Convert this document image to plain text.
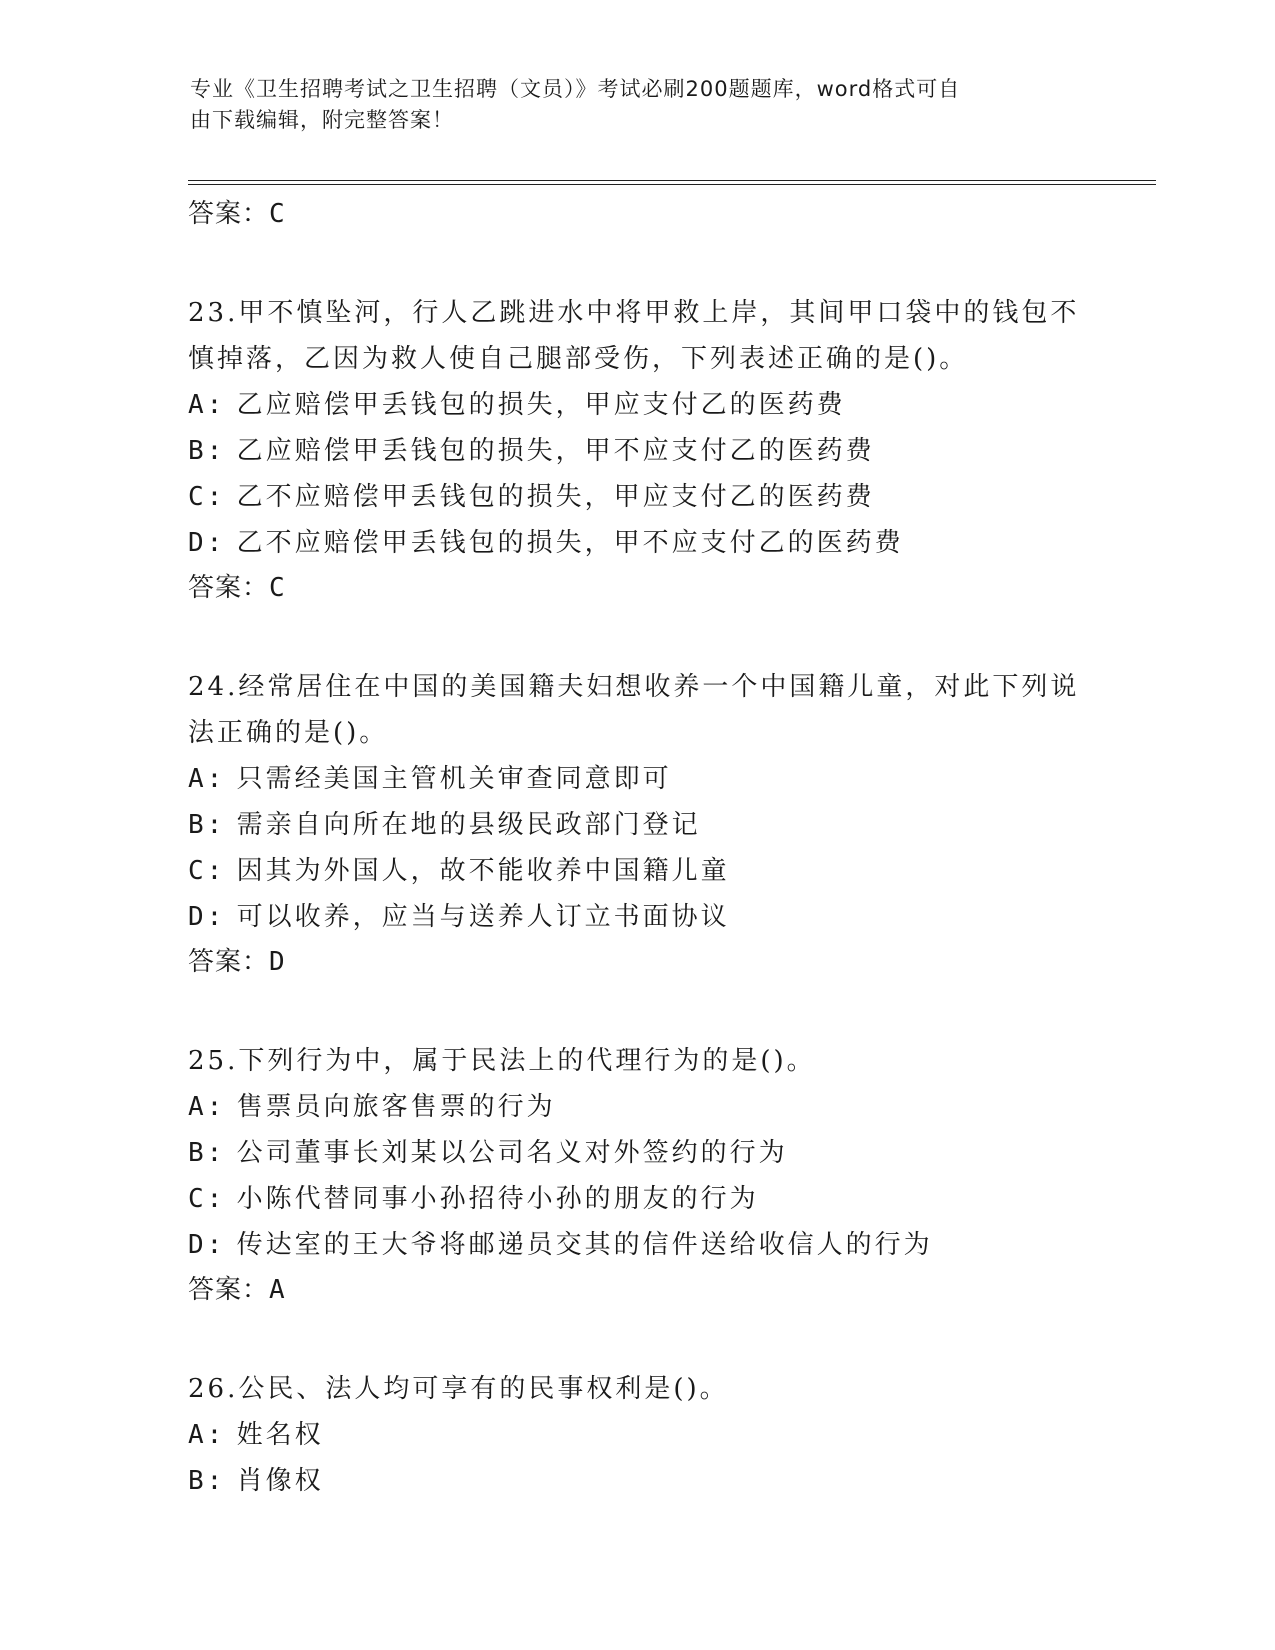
专业《卫生招聘考试之卫生招聘（文员）》考试必刷200题题库，word格式可自
由下载编辑，附完整答案！
答案：C
23.甲不慎坠河，行人乙跳进水中将甲救上岸，其间甲口袋中的钱包不
慎掉落，乙因为救人使自己腿部受伤，下列表述正确的是()。
A: 乙应赔偿甲丢钱包的损失，甲应支付乙的医药费
B: 乙应赔偿甲丢钱包的损失，甲不应支付乙的医药费
C: 乙不应赔偿甲丢钱包的损失，甲应支付乙的医药费
D: 乙不应赔偿甲丢钱包的损失，甲不应支付乙的医药费
答案：C
24.经常居住在中国的美国籍夫妇想收养一个中国籍儿童，对此下列说
法正确的是()。
A: 只需经美国主管机关审查同意即可
B: 需亲自向所在地的县级民政部门登记
C: 因其为外国人，故不能收养中国籍儿童
D: 可以收养，应当与送养人订立书面协议
答案：D
25.下列行为中，属于民法上的代理行为的是()。
A: 售票员向旅客售票的行为
B: 公司董事长刘某以公司名义对外签约的行为
C: 小陈代替同事小孙招待小孙的朋友的行为
D: 传达室的王大爷将邮递员交其的信件送给收信人的行为
答案：A
26.公民、法人均可享有的民事权利是()。
A: 姓名权
B: 肖像权
